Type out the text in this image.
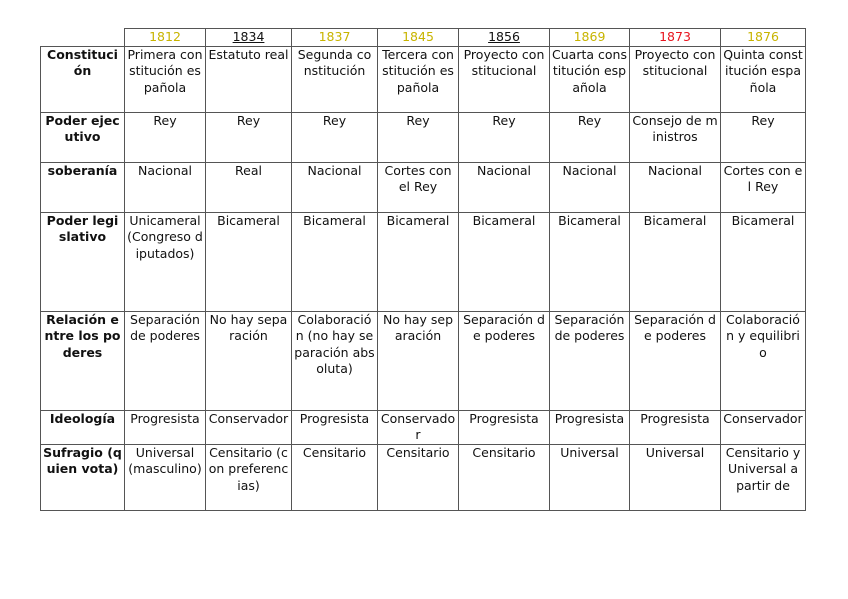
	1812	1834	1837	1845	1856	1869	1873	1876
Constitución	Primera constitución española	Estatuto real	Segunda constitución	Tercera constitución española	Proyecto constitucional	Cuarta constitución española	Proyecto constitucional	Quinta constitución española
Poder ejecutivo	Rey	Rey	Rey	Rey	Rey	Rey	Consejo de ministros	Rey
soberanía	Nacional	Real	Nacional	Cortes con el Rey	Nacional	Nacional	Nacional	Cortes con el Rey
Poder legislativo	Unicameral (Congreso diputados)	Bicameral	Bicameral	Bicameral	Bicameral	Bicameral	Bicameral	Bicameral
Relación entre los poderes	Separación de poderes	No hay separación	Colaboración (no hay separación absoluta)	No hay separación	Separación de poderes	Separación de poderes	Separación de poderes	Colaboración y equilibrio
Ideología	Progresista	Conservador	Progresista	Conservador	Progresista	Progresista	Progresista	Conservador
Sufragio (quien vota)	Universal (masculino)	Censitario (con preferencias)	Censitario	Censitario	Censitario	Universal	Universal	Censitario y Universal a partir de
